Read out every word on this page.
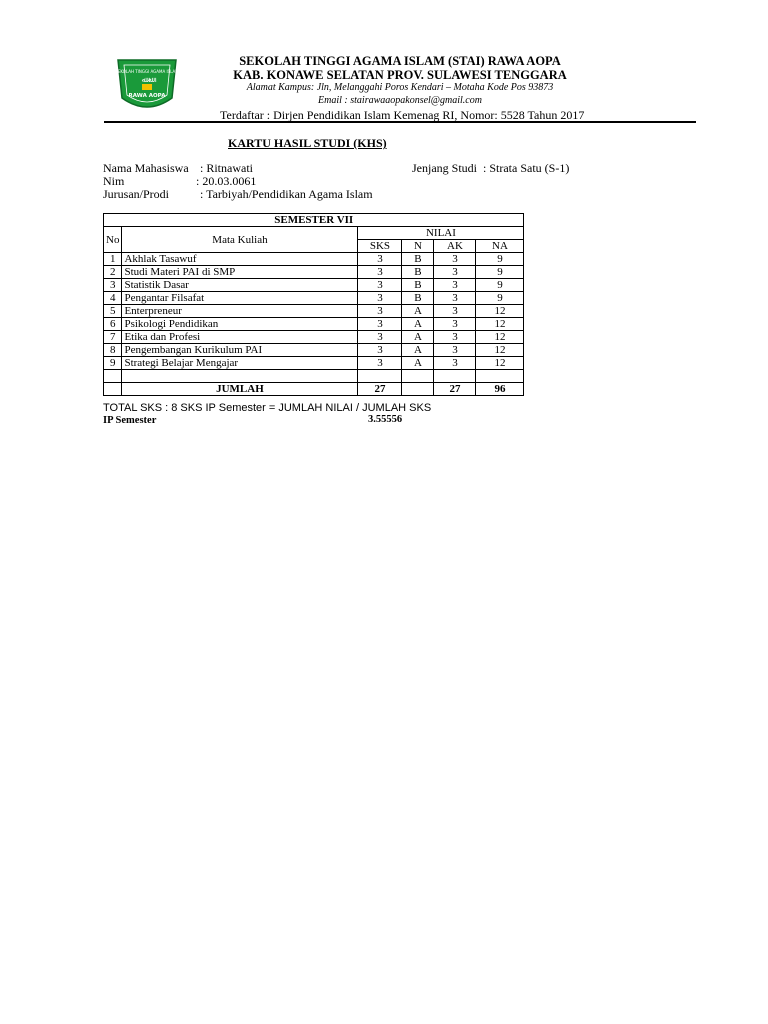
SEKOLAH TINGGI AGAMA ISLAM
ﷲ ﷲ
RAWA AOPA
SEKOLAH TINGGI AGAMA ISLAM (STAI) RAWA AOPA
KAB. KONAWE SELATAN PROV. SULAWESI TENGGARA
Alamat Kampus: Jln, Melanggahi Poros Kendari – Motaha Kode Pos 93873
Email : stairawaaopakonsel@gmail.com
Terdaftar : Dirjen Pendidikan Islam Kemenag RI, Nomor: 5528 Tahun 2017
KARTU HASIL STUDI (KHS)
Nama Mahasiswa : Ritnawati	Jenjang Studi : Strata Satu (S-1)
Nim	: 20.03.0061
Jurusan/Prodi	: Tarbiyah/Pendidikan Agama Islam
SEMESTER VII					
No	Mata Kuliah	NILAI			
		SKS	N	AK	NA
1	Akhlak Tasawuf	3	B	3	9
2	Studi Materi PAI di SMP	3	B	3	9
3	Statistik Dasar	3	B	3	9
4	Pengantar Filsafat	3	B	3	9
5	Enterpreneur	3	A	3	12
6	Psikologi Pendidikan	3	A	3	12
7	Etika dan Profesi	3	A	3	12
8	Pengembangan Kurikulum PAI	3	A	3	12
9	Strategi Belajar Mengajar	3	A	3	12

	JUMLAH	27		27	96
TOTAL SKS : 8 SKS IP Semester = JUMLAH NILAI / JUMLAH SKS
IP Semester	3.55556
